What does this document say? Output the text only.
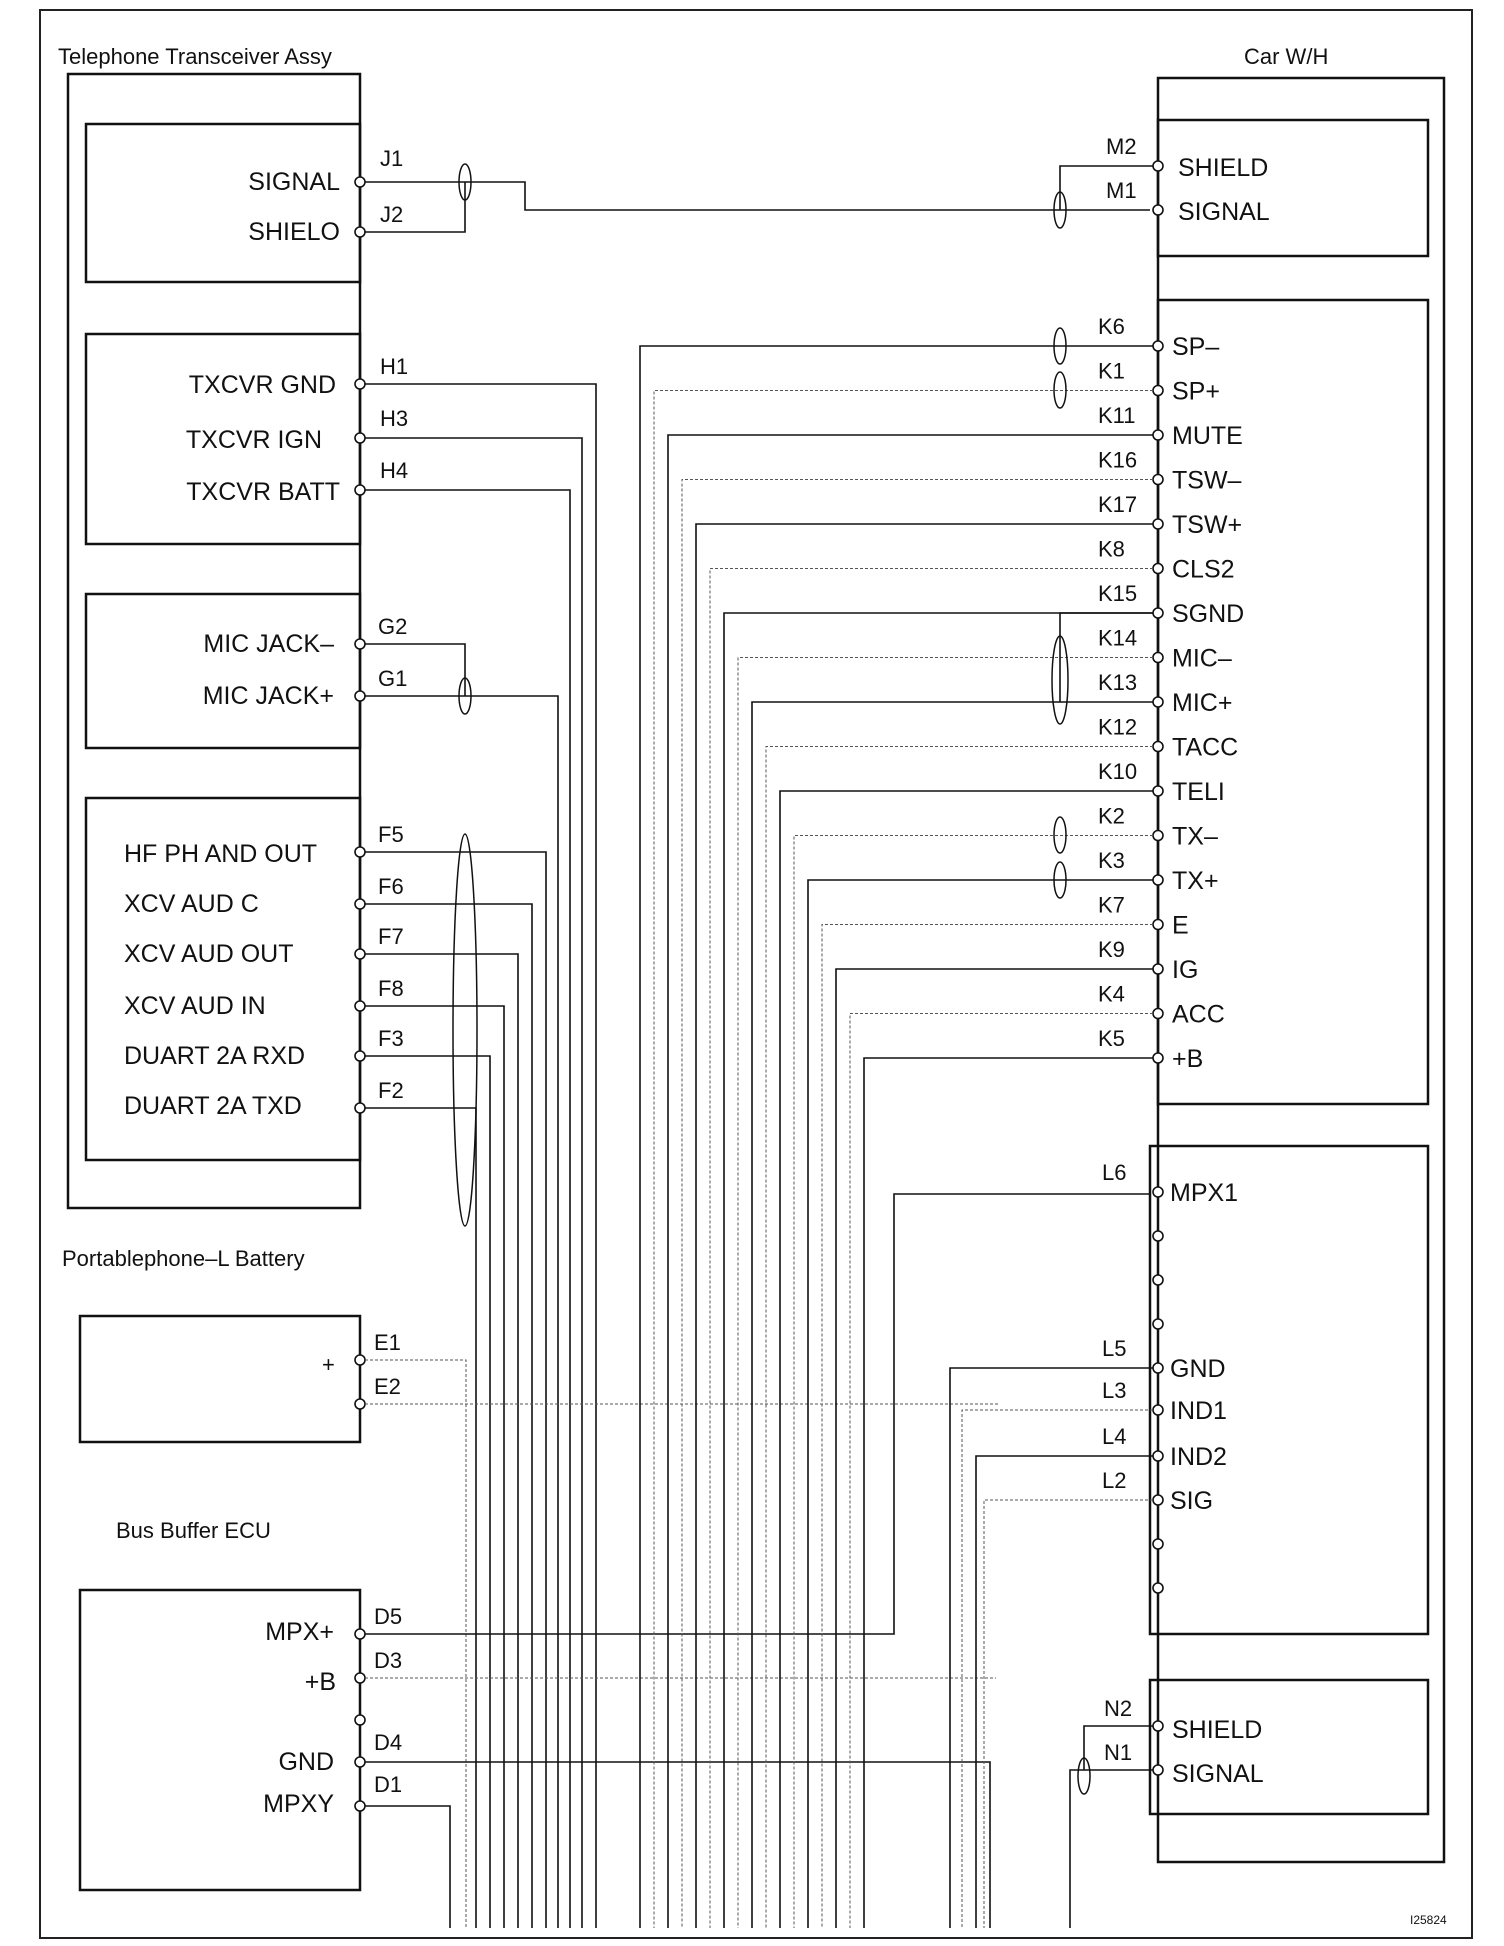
Telephone Transceiver Assy
SIGNAL
J1
SHIELO
J2
TXCVR GND
H1
TXCVR IGN
H3
TXCVR BATT
H4
MIC JACK–
G2
MIC JACK+
G1
HF PH AND OUT
F5
XCV AUD C
F6
XCV AUD OUT
F7
XCV AUD IN
F8
DUART 2A RXD
F3
DUART 2A TXD
F2
Portablephone–L Battery
+
E1
E2
Bus Buffer ECU
MPX+
D5
+B
D3
GND
D4
MPXY
D1
Car W/H
M2
SHIELD
M1
SIGNAL
K6
SP–
K1
SP+
K11
MUTE
K16
TSW–
K17
TSW+
K8
CLS2
K15
SGND
K14
MIC–
K13
MIC+
K12
TACC
K10
TELI
K2
TX–
K3
TX+
K7
E
K9
IG
K4
ACC
K5
+B
L6
MPX1
L5
GND
L3
IND1
L4
IND2
L2
SIG
N2
SHIELD
N1
SIGNAL
I25824
